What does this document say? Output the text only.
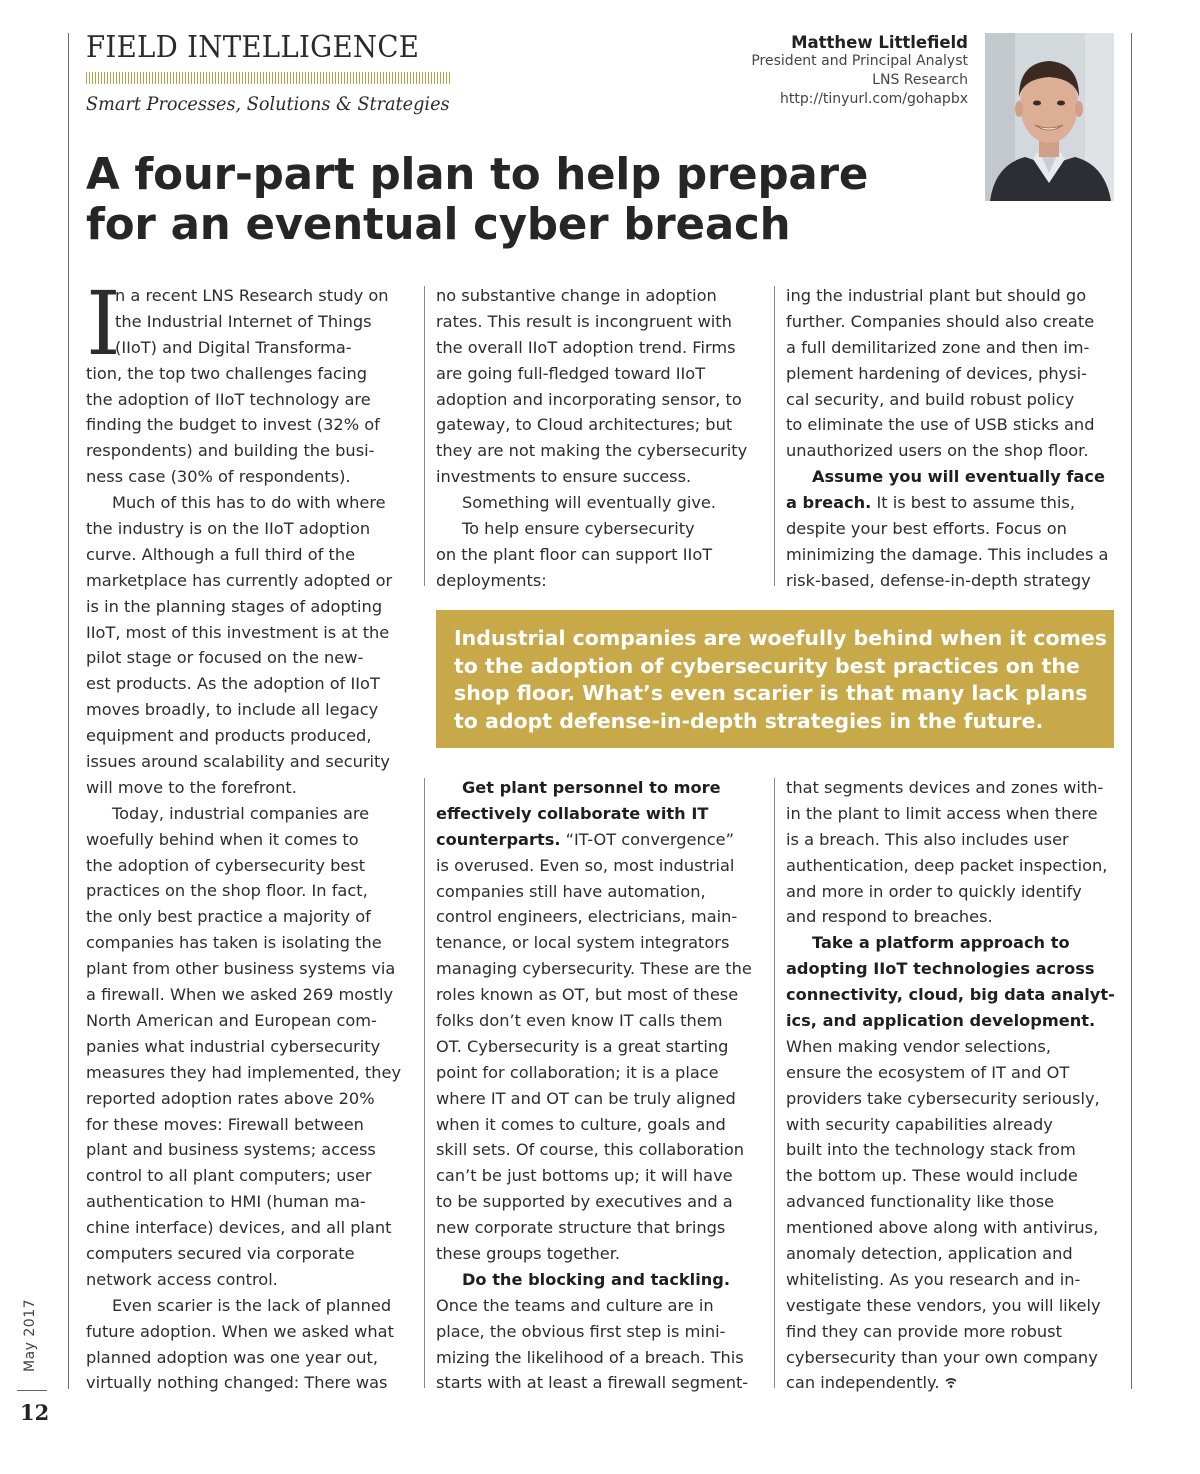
FIELD INTELLIGENCE
Smart Processes, Solutions & Strategies
Matthew Littlefield
President and Principal Analyst
LNS Research
http://tinyurl.com/gohapbx
A four-part plan to help prepare
for an eventual cyber breach
I
n a recent LNS Research study on
the Industrial Internet of Things
(IIoT) and Digital Transforma-
tion, the top two challenges facing
the adoption of IIoT technology are
finding the budget to invest (32% of
respondents) and building the busi-
ness case (30% of respondents).
Much of this has to do with where
the industry is on the IIoT adoption
curve. Although a full third of the
marketplace has currently adopted or
is in the planning stages of adopting
IIoT, most of this investment is at the
pilot stage or focused on the new-
est products. As the adoption of IIoT
moves broadly, to include all legacy
equipment and products produced,
issues around scalability and security
will move to the forefront.
Today, industrial companies are
woefully behind when it comes to
the adoption of cybersecurity best
practices on the shop floor. In fact,
the only best practice a majority of
companies has taken is isolating the
plant from other business systems via
a firewall. When we asked 269 mostly
North American and European com-
panies what industrial cybersecurity
measures they had implemented, they
reported adoption rates above 20%
for these moves: Firewall between
plant and business systems; access
control to all plant computers; user
authentication to HMI (human ma-
chine interface) devices, and all plant
computers secured via corporate
network access control.
Even scarier is the lack of planned
future adoption. When we asked what
planned adoption was one year out,
virtually nothing changed: There was
no substantive change in adoption
rates. This result is incongruent with
the overall IIoT adoption trend. Firms
are going full-fledged toward IIoT
adoption and incorporating sensor, to
gateway, to Cloud architectures; but
they are not making the cybersecurity
investments to ensure success.
Something will eventually give.
To help ensure cybersecurity
on the plant floor can support IIoT
deployments:
ing the industrial plant but should go
further. Companies should also create
a full demilitarized zone and then im-
plement hardening of devices, physi-
cal security, and build robust policy
to eliminate the use of USB sticks and
unauthorized users on the shop floor.
Assume you will eventually face
a breach. It is best to assume this,
despite your best efforts. Focus on
minimizing the damage. This includes a
risk-based, defense-in-depth strategy
Industrial companies are woefully behind when it comes
to the adoption of cybersecurity best practices on the
shop floor. What’s even scarier is that many lack plans
to adopt defense-in-depth strategies in the future.
Get plant personnel to more
effectively collaborate with IT
counterparts. “IT-OT convergence”
is overused. Even so, most industrial
companies still have automation,
control engineers, electricians, main-
tenance, or local system integrators
managing cybersecurity. These are the
roles known as OT, but most of these
folks don’t even know IT calls them
OT. Cybersecurity is a great starting
point for collaboration; it is a place
where IT and OT can be truly aligned
when it comes to culture, goals and
skill sets. Of course, this collaboration
can’t be just bottoms up; it will have
to be supported by executives and a
new corporate structure that brings
these groups together.
Do the blocking and tackling.
Once the teams and culture are in
place, the obvious first step is mini-
mizing the likelihood of a breach. This
starts with at least a firewall segment-
that segments devices and zones with-
in the plant to limit access when there
is a breach. This also includes user
authentication, deep packet inspection,
and more in order to quickly identify
and respond to breaches.
Take a platform approach to
adopting IIoT technologies across
connectivity, cloud, big data analyt-
ics, and application development.
When making vendor selections,
ensure the ecosystem of IT and OT
providers take cybersecurity seriously,
with security capabilities already
built into the technology stack from
the bottom up. These would include
advanced functionality like those
mentioned above along with antivirus,
anomaly detection, application and
whitelisting. As you research and in-
vestigate these vendors, you will likely
find they can provide more robust
cybersecurity than your own company
can independently.
May 2017
12
